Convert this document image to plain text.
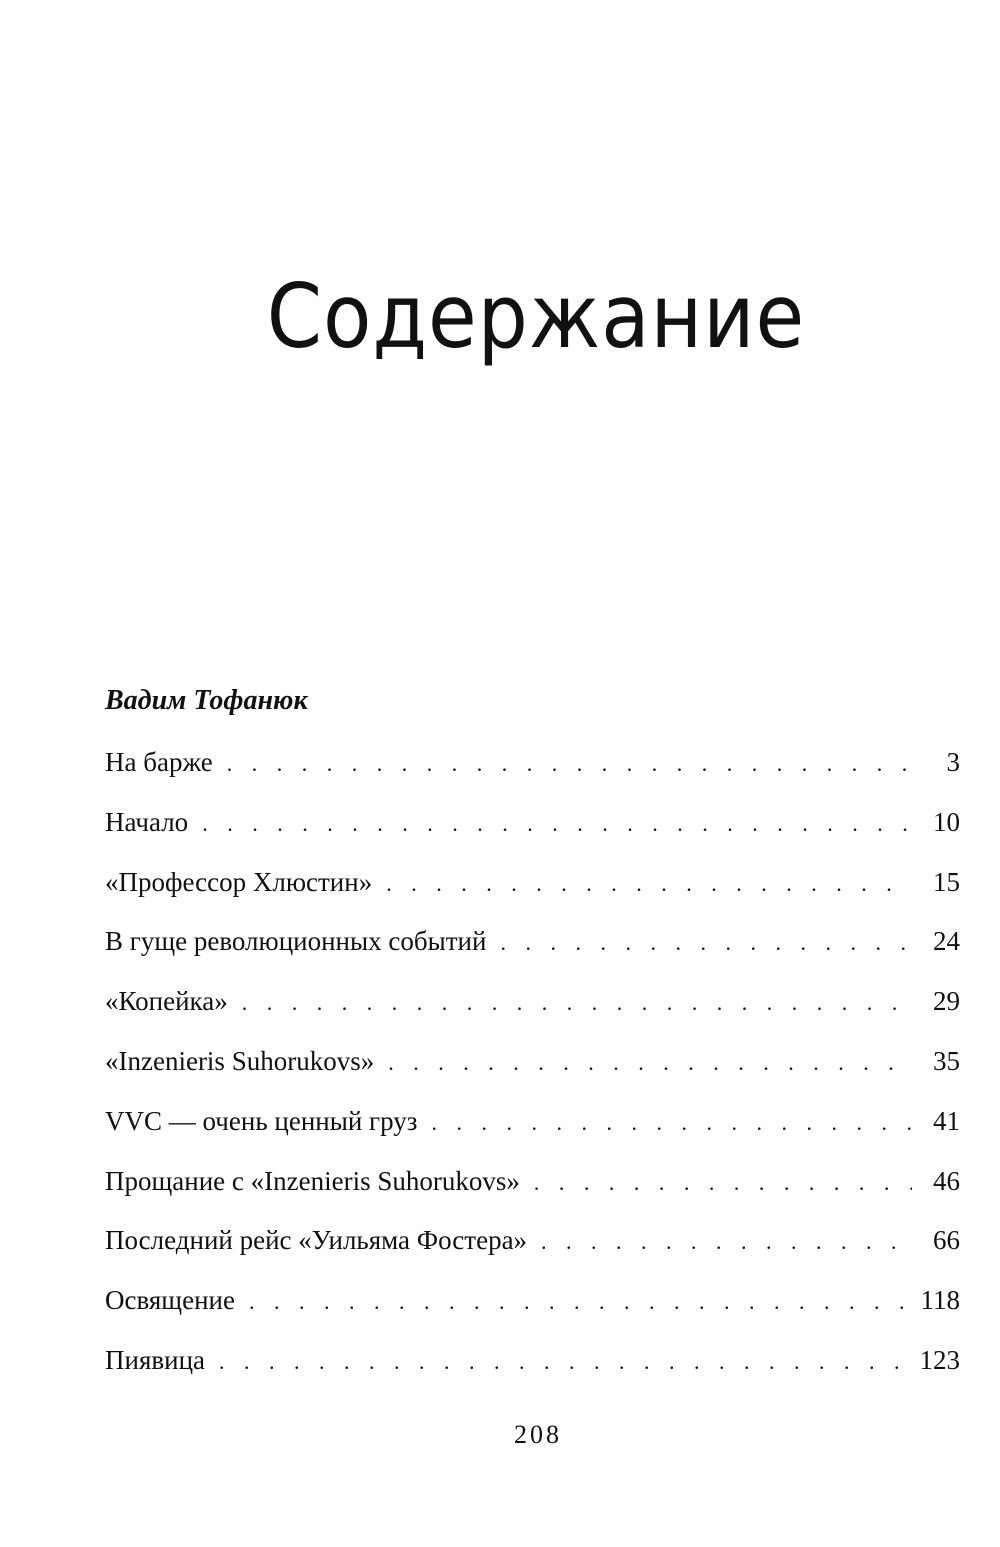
Содержание
Вадим Тофанюк
На барже . . .	3
Начало . . .	10
«Профессор Хлюстин» . . .	15
В гуще революционных событий . . .	24
«Копейка» . . .	29
«Inzenieris Suhorukovs» . . .	35
VVC — очень ценный груз . . .	41
Прощание с «Inzenieris Suhorukovs» . . .	46
Последний рейс «Уильяма Фостера» . . .	66
Освящение . . .	118
Пиявица . . .	123
208
